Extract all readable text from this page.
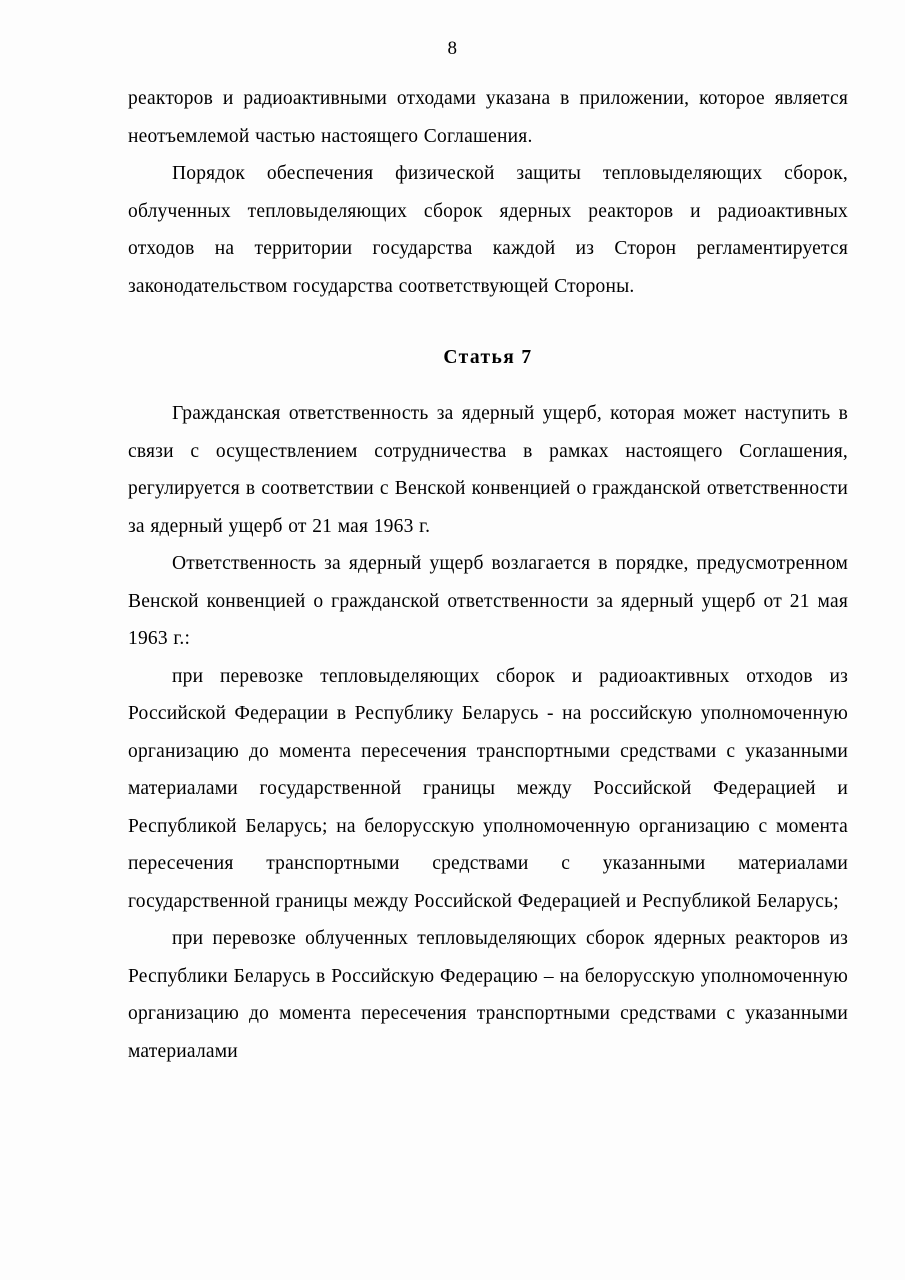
8

реакторов и радиоактивными отходами указана в приложении, которое является неотъемлемой частью настоящего Соглашения.

Порядок обеспечения физической защиты тепловыделяющих сборок, облученных тепловыделяющих сборок ядерных реакторов и радиоактивных отходов на территории государства каждой из Сторон регламентируется законодательством государства соответствующей Стороны.

Статья 7

Гражданская ответственность за ядерный ущерб, которая может наступить в связи с осуществлением сотрудничества в рамках настоящего Соглашения, регулируется в соответствии с Венской конвенцией о гражданской ответственности за ядерный ущерб от 21 мая 1963 г.

Ответственность за ядерный ущерб возлагается в порядке, предусмотренном Венской конвенцией о гражданской ответственности за ядерный ущерб от 21 мая 1963 г.:

при перевозке тепловыделяющих сборок и радиоактивных отходов из Российской Федерации в Республику Беларусь - на российскую уполномоченную организацию до момента пересечения транспортными средствами с указанными материалами государственной границы между Российской Федерацией и Республикой Беларусь; на белорусскую уполномоченную организацию с момента пересечения транспортными средствами с указанными материалами государственной границы между Российской Федерацией и Республикой Беларусь;

при перевозке облученных тепловыделяющих сборок ядерных реакторов из Республики Беларусь в Российскую Федерацию – на белорусскую уполномоченную организацию до момента пересечения транспортными средствами с указанными материалами
